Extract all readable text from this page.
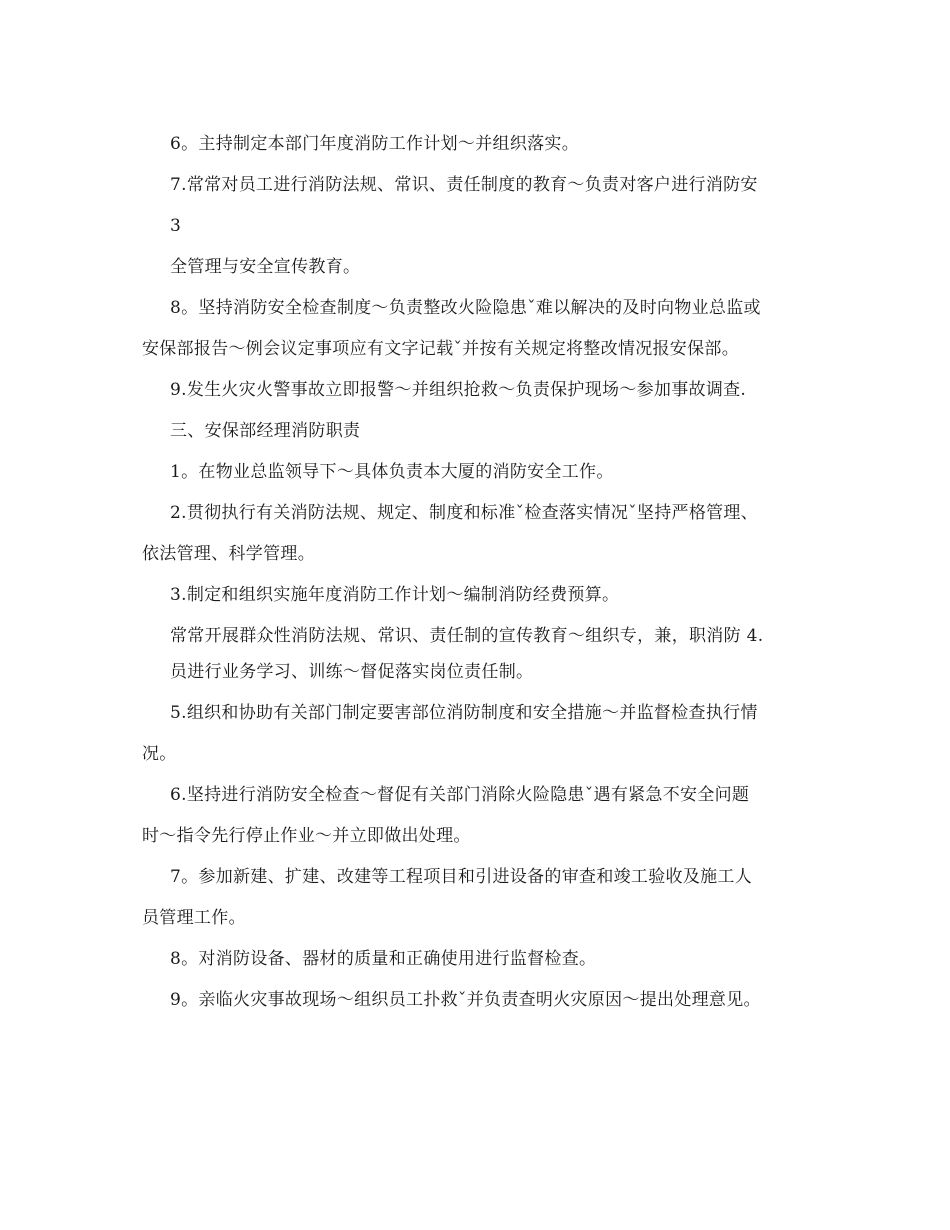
6。主持制定本部门年度消防工作计划～并组织落实。
7.常常对员工进行消防法规、常识、责任制度的教育～负责对客户进行消防安
3
全管理与安全宣传教育。
8。坚持消防安全检查制度～负责整改火险隐患ˇ难以解决的及时向物业总监或
安保部报告～例会议定事项应有文字记载ˇ并按有关规定将整改情况报安保部。
9.发生火灾火警事故立即报警～并组织抢救～负责保护现场～参加事故调查.
三、安保部经理消防职责
1。在物业总监领导下～具体负责本大厦的消防安全工作。
2.贯彻执行有关消防法规、规定、制度和标准ˇ检查落实情况ˇ坚持严格管理、
依法管理、科学管理。
3.制定和组织实施年度消防工作计划～编制消防经费预算。
常常开展群众性消防法规、常识、责任制的宣传教育～组织专，兼，职消防 4.
员进行业务学习、训练～督促落实岗位责任制。
5.组织和协助有关部门制定要害部位消防制度和安全措施～并监督检查执行情
况。
6.坚持进行消防安全检查～督促有关部门消除火险隐患ˇ遇有紧急不安全问题
时～指令先行停止作业～并立即做出处理。
7。参加新建、扩建、改建等工程项目和引进设备的审查和竣工验收及施工人
员管理工作。
8。对消防设备、器材的质量和正确使用进行监督检查。
9。亲临火灾事故现场～组织员工扑救ˇ并负责查明火灾原因～提出处理意见。
